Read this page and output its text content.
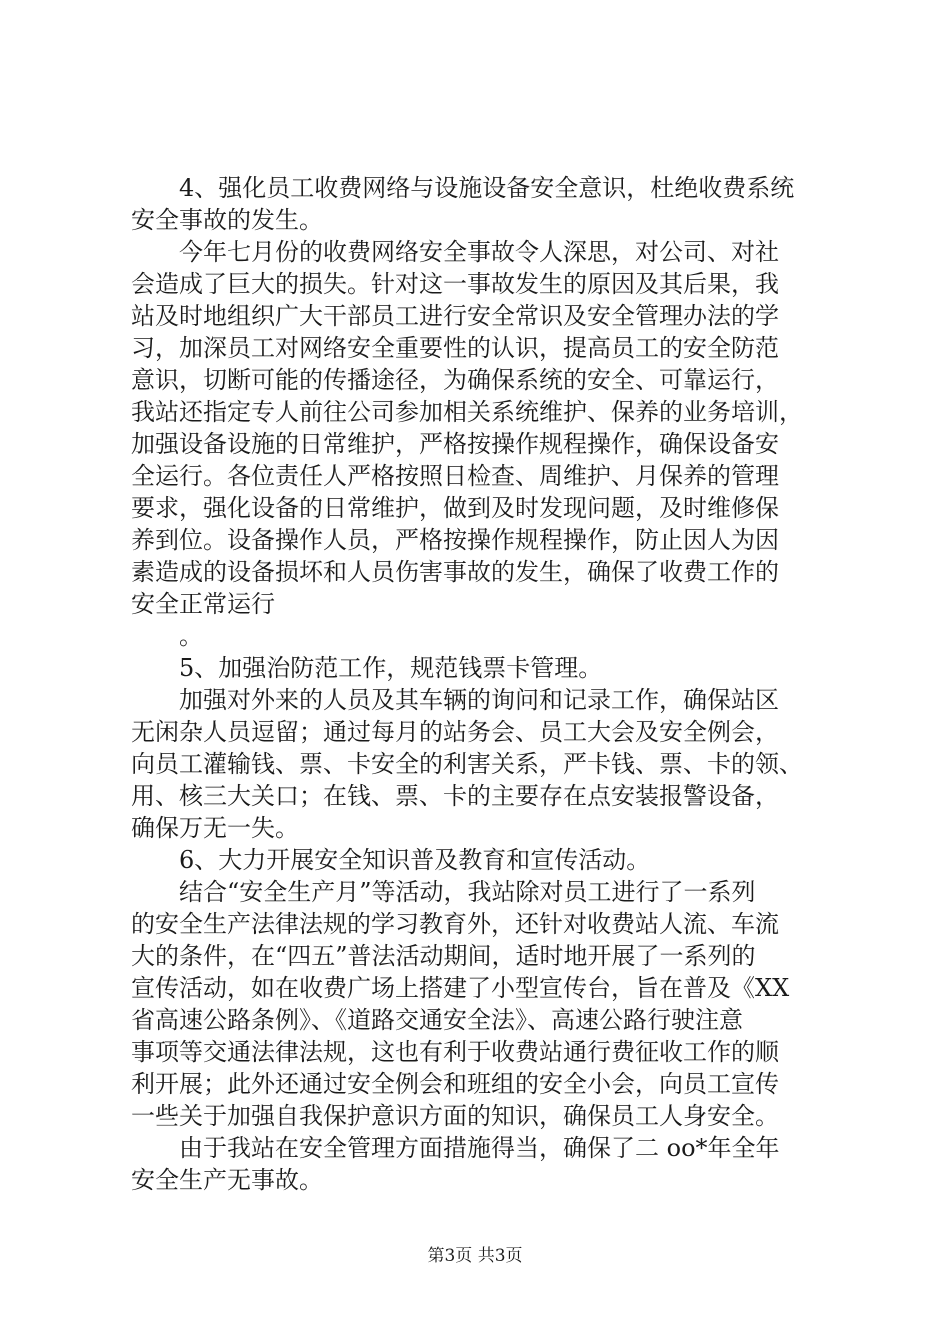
　　4、强化员工收费网络与设施设备安全意识，杜绝收费系统
安全事故的发生。
　　今年七月份的收费网络安全事故令人深思，对公司、对社
会造成了巨大的损失。针对这一事故发生的原因及其后果，我
站及时地组织广大干部员工进行安全常识及安全管理办法的学
习，加深员工对网络安全重要性的认识，提高员工的安全防范
意识，切断可能的传播途径，为确保系统的安全、可靠运行，
我站还指定专人前往公司参加相关系统维护、保养的业务培训，
加强设备设施的日常维护，严格按操作规程操作，确保设备安
全运行。各位责任人严格按照日检查、周维护、月保养的管理
要求，强化设备的日常维护，做到及时发现问题，及时维修保
养到位。设备操作人员，严格按操作规程操作，防止因人为因
素造成的设备损坏和人员伤害事故的发生，确保了收费工作的
安全正常运行
　　。
　　5、加强治防范工作，规范钱票卡管理。
　　加强对外来的人员及其车辆的询问和记录工作，确保站区
无闲杂人员逗留；通过每月的站务会、员工大会及安全例会，
向员工灌输钱、票、卡安全的利害关系，严卡钱、票、卡的领、
用、核三大关口；在钱、票、卡的主要存在点安装报警设备，
确保万无一失。
　　6、大力开展安全知识普及教育和宣传活动。
　　结合“安全生产月”等活动，我站除对员工进行了一系列
的安全生产法律法规的学习教育外，还针对收费站人流、车流
大的条件，在“四五”普法活动期间，适时地开展了一系列的
宣传活动，如在收费广场上搭建了小型宣传台，旨在普及《XX
省高速公路条例》、《道路交通安全法》、高速公路行驶注意
事项等交通法律法规，这也有利于收费站通行费征收工作的顺
利开展；此外还通过安全例会和班组的安全小会，向员工宣传
一些关于加强自我保护意识方面的知识，确保员工人身安全。
　　由于我站在安全管理方面措施得当，确保了二 oo*年全年
安全生产无事故。
第3页 共3页
